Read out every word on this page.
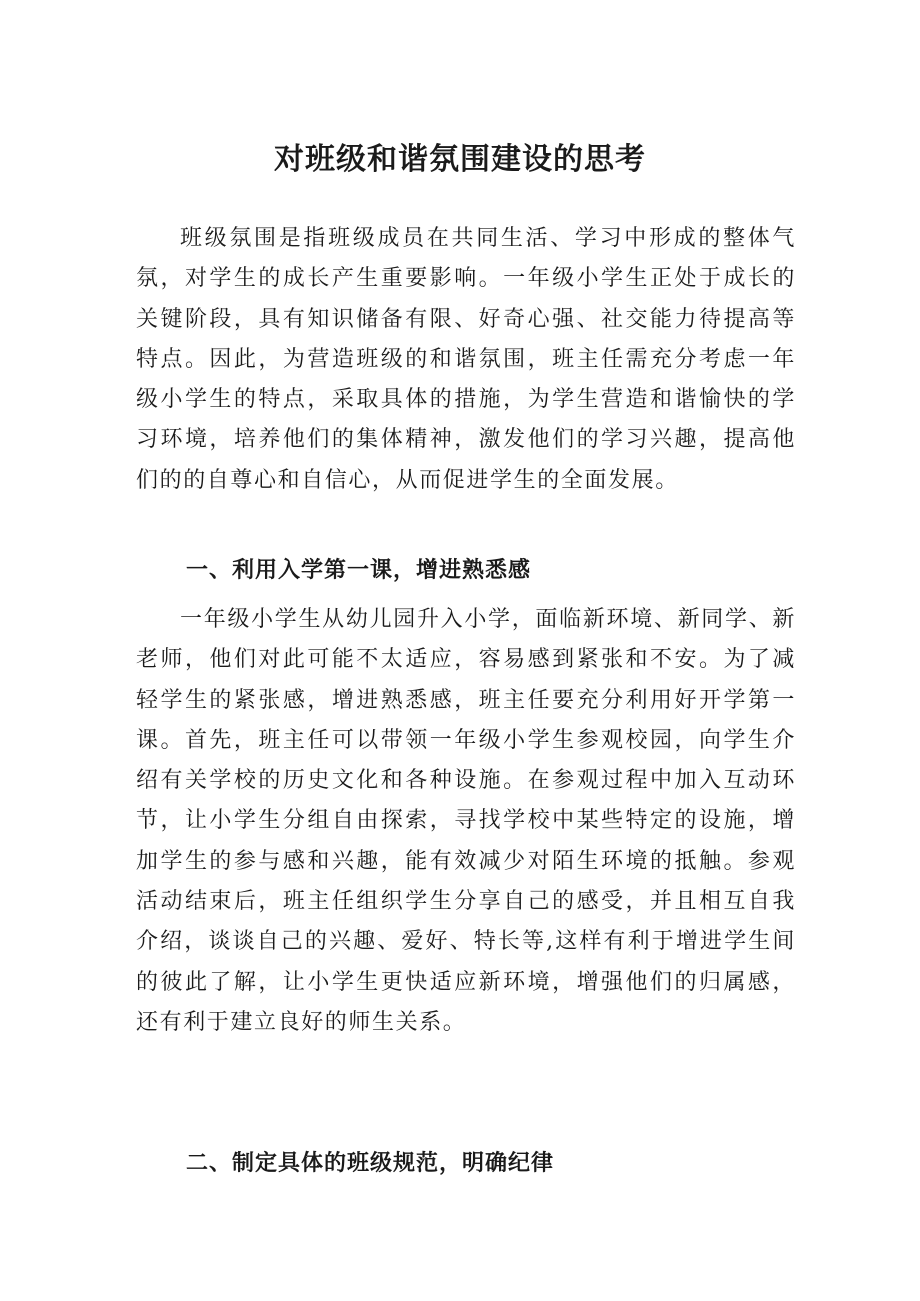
对班级和谐氛围建设的思考

班级氛围是指班级成员在共同生活、学习中形成的整体气氛，对学生的成长产生重要影响。一年级小学生正处于成长的关键阶段，具有知识储备有限、好奇心强、社交能力待提高等特点。因此，为营造班级的和谐氛围，班主任需充分考虑一年级小学生的特点，采取具体的措施，为学生营造和谐愉快的学习环境，培养他们的集体精神，激发他们的学习兴趣，提高他们的的自尊心和自信心，从而促进学生的全面发展。

一、利用入学第一课，增进熟悉感

一年级小学生从幼儿园升入小学，面临新环境、新同学、新老师，他们对此可能不太适应，容易感到紧张和不安。为了减轻学生的紧张感，增进熟悉感，班主任要充分利用好开学第一课。首先，班主任可以带领一年级小学生参观校园，向学生介绍有关学校的历史文化和各种设施。在参观过程中加入互动环节，让小学生分组自由探索，寻找学校中某些特定的设施，增加学生的参与感和兴趣，能有效减少对陌生环境的抵触。参观活动结束后，班主任组织学生分享自己的感受，并且相互自我介绍，谈谈自己的兴趣、爱好、特长等,这样有利于增进学生间的彼此了解，让小学生更快适应新环境，增强他们的归属感，还有利于建立良好的师生关系。

二、制定具体的班级规范，明确纪律
